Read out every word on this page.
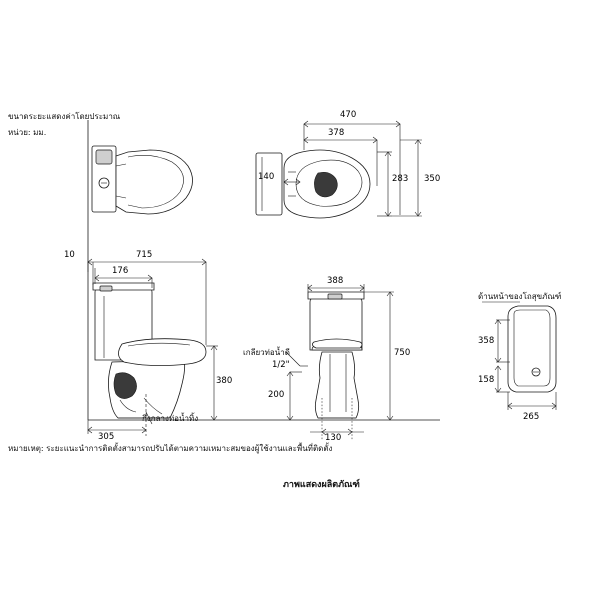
ขนาดระยะแสดงค่าโดยประมาณ
หน่วย: มม.
715
176
10
380
305
กึ่งกลางท่อน้ำทิ้ง
470
378
140	283 350
388
750
200
130
เกลียวท่อน้ำดี
1/2"
ด้านหน้าของโถสุขภัณฑ์
358
158
265
หมายเหตุ: ระยะแนะนำการติดตั้งสามารถปรับได้ตามความเหมาะสมของผู้ใช้งานและพื้นที่ติดตั้ง
ภาพแสดงผลิตภัณฑ์
